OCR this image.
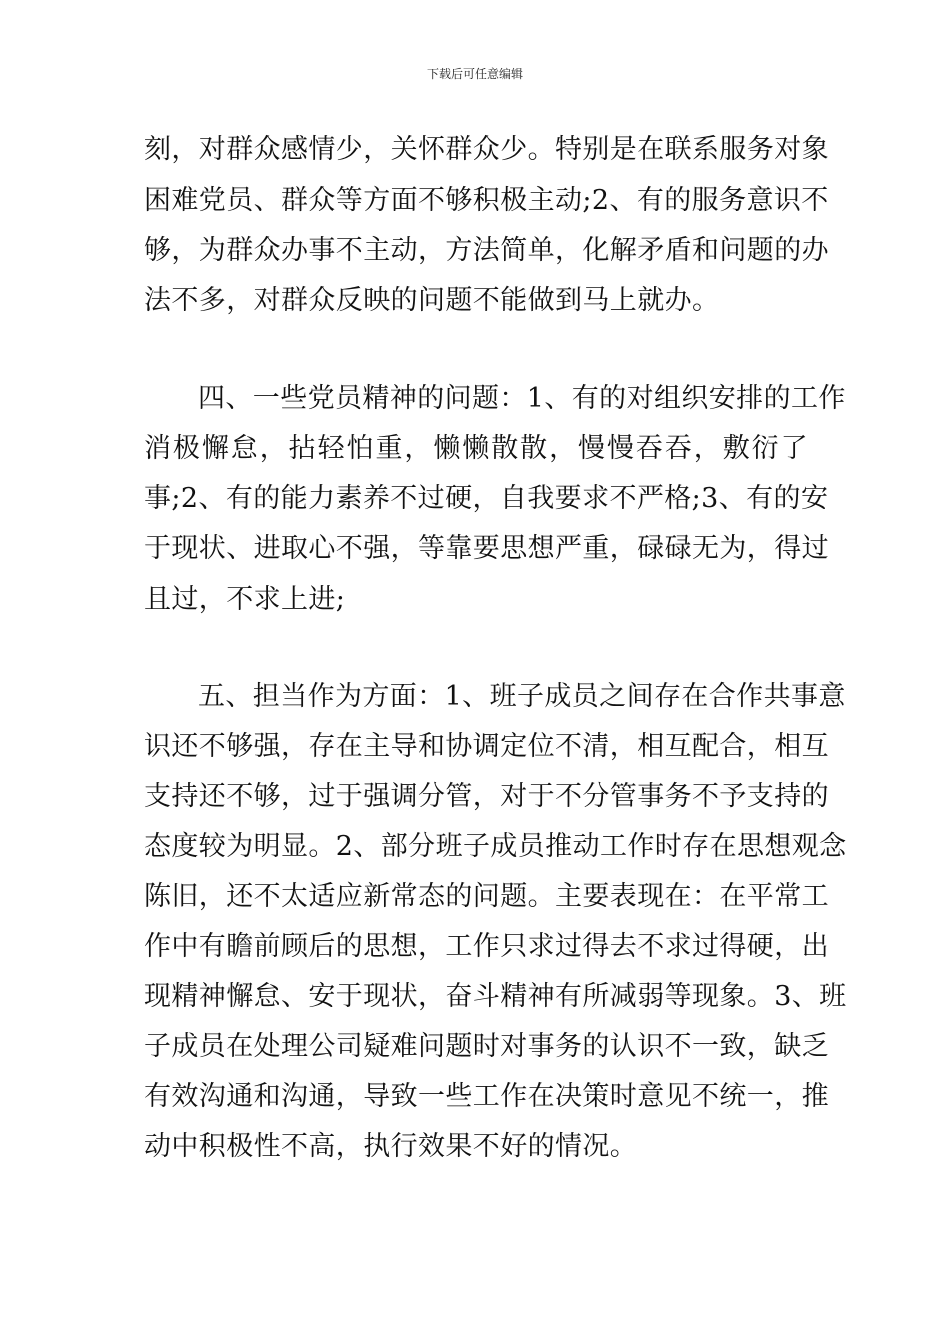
下载后可任意编辑
刻，对群众感情少，关怀群众少。特别是在联系服务对象
困难党员、群众等方面不够积极主动;2、有的服务意识不
够，为群众办事不主动，方法简单，化解矛盾和问题的办
法不多，对群众反映的问题不能做到马上就办。
四、一些党员精神的问题：1、有的对组织安排的工作
消极懈怠，拈轻怕重，懒懒散散，慢慢吞吞，敷衍了
事;2、有的能力素养不过硬，自我要求不严格;3、有的安
于现状、进取心不强，等靠要思想严重，碌碌无为，得过
且过，不求上进;
五、担当作为方面：1、班子成员之间存在合作共事意
识还不够强，存在主导和协调定位不清，相互配合，相互
支持还不够，过于强调分管，对于不分管事务不予支持的
态度较为明显。2、部分班子成员推动工作时存在思想观念
陈旧，还不太适应新常态的问题。主要表现在：在平常工
作中有瞻前顾后的思想，工作只求过得去不求过得硬，出
现精神懈怠、安于现状，奋斗精神有所减弱等现象。3、班
子成员在处理公司疑难问题时对事务的认识不一致，缺乏
有效沟通和沟通，导致一些工作在决策时意见不统一，推
动中积极性不高，执行效果不好的情况。
